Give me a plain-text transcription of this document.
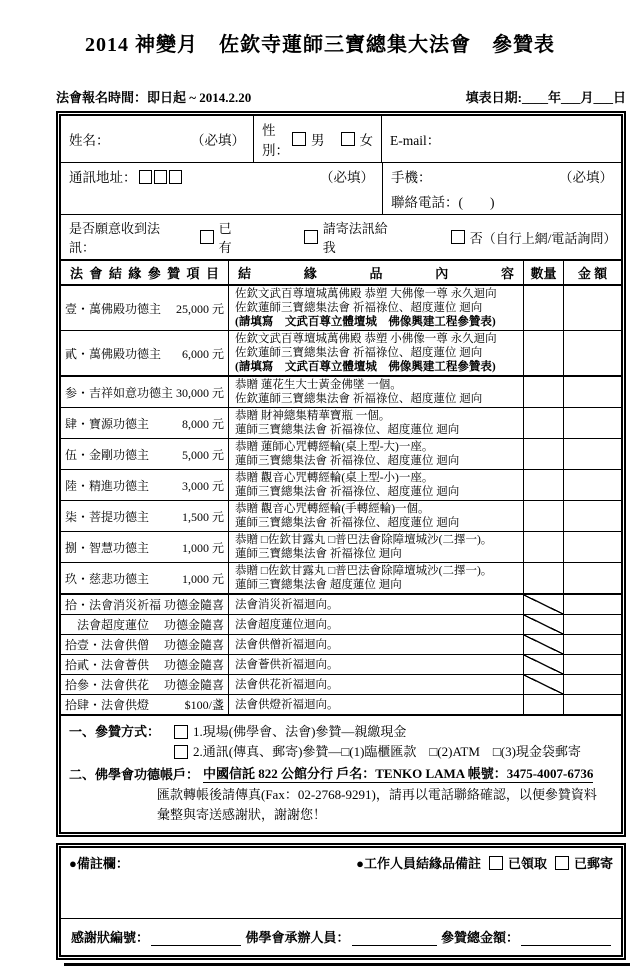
2014 神變月　佐欽寺蓮師三寶總集大法會　參贊表
法會報名時間：即日起 ~ 2014.2.20	填表日期:____年___月___日
姓名：	（必填）
性別：
男	女 E-mail：
通訊地址：	（必填） 手機：	（必填）
聯絡電話：(　　)
是否願意收到法訊：
已有
請寄法訊給我
否（自行上網/電話詢問）
法 會 結 緣 參 贊 項 目 結 緣 品 內 容	數量	金 額
壹・萬佛殿功德主 25,000 元
佐欽文武百尊壇城萬佛殿 恭塑 大佛像一尊 永久迴向
佐欽蓮師三寶總集法會 祈福祿位、超度蓮位 迴向
(請填寫　文武百尊立體壇城　佛像興建工程參贊表)
貳・萬佛殿功德主 6,000 元
佐欽文武百尊壇城萬佛殿 恭塑 小佛像一尊 永久迴向
佐欽蓮師三寶總集法會 祈福祿位、超度蓮位 迴向
(請填寫　文武百尊立體壇城　佛像興建工程參贊表)
参・吉祥如意功德主 30,000 元
恭贈 蓮花生大士黃金佛墜 一個。
佐欽蓮師三寶總集法會 祈福祿位、超度蓮位 迴向
肆・寶源功德主	8,000 元
恭贈 財神總集精華寶瓶 一個。
蓮師三寶總集法會 祈福祿位、超度蓮位 迴向
伍・金剛功德主	5,000 元
恭贈 蓮師心咒轉經輪(桌上型-大)一座。
蓮師三寶總集法會 祈福祿位、超度蓮位 迴向
陸・精進功德主	3,000 元
恭贈 觀音心咒轉經輪(桌上型-小)一座。
蓮師三寶總集法會 祈福祿位、超度蓮位 迴向
柒・菩提功德主	1,500 元
恭贈 觀音心咒轉經輪(手轉經輪)一個。
蓮師三寶總集法會 祈福祿位、超度蓮位 迴向
捌・智慧功德主	1,000 元
恭贈 □佐欽甘露丸 □普巴法會除障壇城沙(二擇一)。
蓮師三寶總集法會 祈福祿位 迴向
玖・慈悲功德主	1,000 元
恭贈 □佐欽甘露丸 □普巴法會除障壇城沙(二擇一)。
蓮師三寶總集法會 超度蓮位 迴向
拾・法會消災祈福 功德金隨喜 法會消災祈福迴向。
　法會超度蓮位 功德金隨喜 法會超度蓮位迴向。
拾壹・法會供僧 功德金隨喜 法會供僧祈福迴向。
拾貳・法會薈供 功德金隨喜 法會薈供祈福迴向。
拾參・法會供花 功德金隨喜 法會供花祈福迴向。
拾肆・法會供燈	$100/盞 法會供燈祈福迴向。
一、參贊方式：	1.現場(佛學會、法會)參贊—親繳現金
2.通訊(傳真、郵寄)參贊—□(1)臨櫃匯款　□(2)ATM　□(3)現金袋郵寄
二、佛學會功德帳戶： 中國信託 822 公館分行 戶名：TENKO LAMA 帳號：3475-4007-6736
匯款轉帳後請傳真(Fax：02-2768-9291)，請再以電話聯絡確認，以便參贊資料
彙整與寄送感謝狀，謝謝您！
●備註欄：	●工作人員結緣品備註 已領取 已郵寄
感謝狀編號：	佛學會承辦人員：	參贊總金額：
